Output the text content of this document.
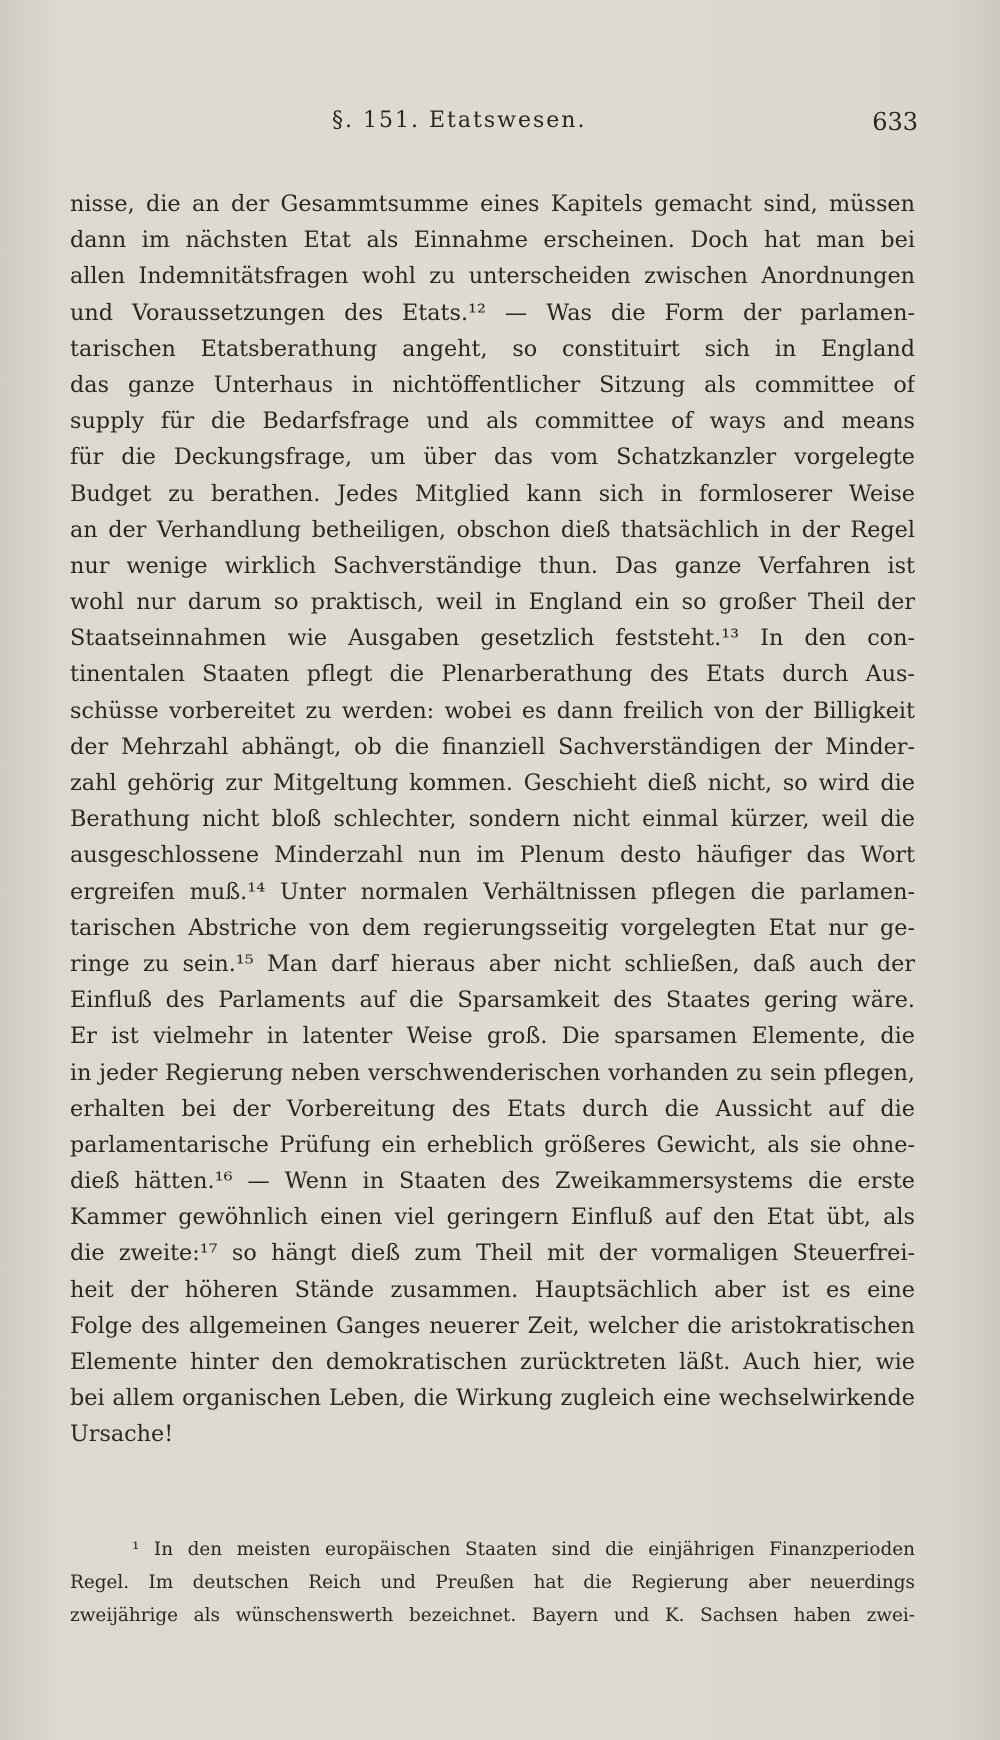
§. 151. Etatswesen.	633
nisse, die an der Gesammtsumme eines Kapitels gemacht sind, müssen
dann im nächsten Etat als Einnahme erscheinen. Doch hat man bei
allen Indemnitätsfragen wohl zu unterscheiden zwischen Anordnungen
und Voraussetzungen des Etats.¹² — Was die Form der parlamen-
tarischen Etatsberathung angeht, so constituirt sich in England
das ganze Unterhaus in nichtöffentlicher Sitzung als committee of
supply für die Bedarfsfrage und als committee of ways and means
für die Deckungsfrage, um über das vom Schatzkanzler vorgelegte
Budget zu berathen. Jedes Mitglied kann sich in formloserer Weise
an der Verhandlung betheiligen, obschon dieß thatsächlich in der Regel
nur wenige wirklich Sachverständige thun. Das ganze Verfahren ist
wohl nur darum so praktisch, weil in England ein so großer Theil der
Staatseinnahmen wie Ausgaben gesetzlich feststeht.¹³ In den con-
tinentalen Staaten pflegt die Plenarberathung des Etats durch Aus-
schüsse vorbereitet zu werden: wobei es dann freilich von der Billigkeit
der Mehrzahl abhängt, ob die finanziell Sachverständigen der Minder-
zahl gehörig zur Mitgeltung kommen. Geschieht dieß nicht, so wird die
Berathung nicht bloß schlechter, sondern nicht einmal kürzer, weil die
ausgeschlossene Minderzahl nun im Plenum desto häufiger das Wort
ergreifen muß.¹⁴ Unter normalen Verhältnissen pflegen die parlamen-
tarischen Abstriche von dem regierungsseitig vorgelegten Etat nur ge-
ringe zu sein.¹⁵ Man darf hieraus aber nicht schließen, daß auch der
Einfluß des Parlaments auf die Sparsamkeit des Staates gering wäre.
Er ist vielmehr in latenter Weise groß. Die sparsamen Elemente, die
in jeder Regierung neben verschwenderischen vorhanden zu sein pflegen,
erhalten bei der Vorbereitung des Etats durch die Aussicht auf die
parlamentarische Prüfung ein erheblich größeres Gewicht, als sie ohne-
dieß hätten.¹⁶ — Wenn in Staaten des Zweikammersystems die erste
Kammer gewöhnlich einen viel geringern Einfluß auf den Etat übt, als
die zweite:¹⁷ so hängt dieß zum Theil mit der vormaligen Steuerfrei-
heit der höheren Stände zusammen. Hauptsächlich aber ist es eine
Folge des allgemeinen Ganges neuerer Zeit, welcher die aristokratischen
Elemente hinter den demokratischen zurücktreten läßt. Auch hier, wie
bei allem organischen Leben, die Wirkung zugleich eine wechselwirkende
Ursache!
¹ In den meisten europäischen Staaten sind die einjährigen Finanzperioden
Regel. Im deutschen Reich und Preußen hat die Regierung aber neuerdings
zweijährige als wünschenswerth bezeichnet. Bayern und K. Sachsen haben zwei-
